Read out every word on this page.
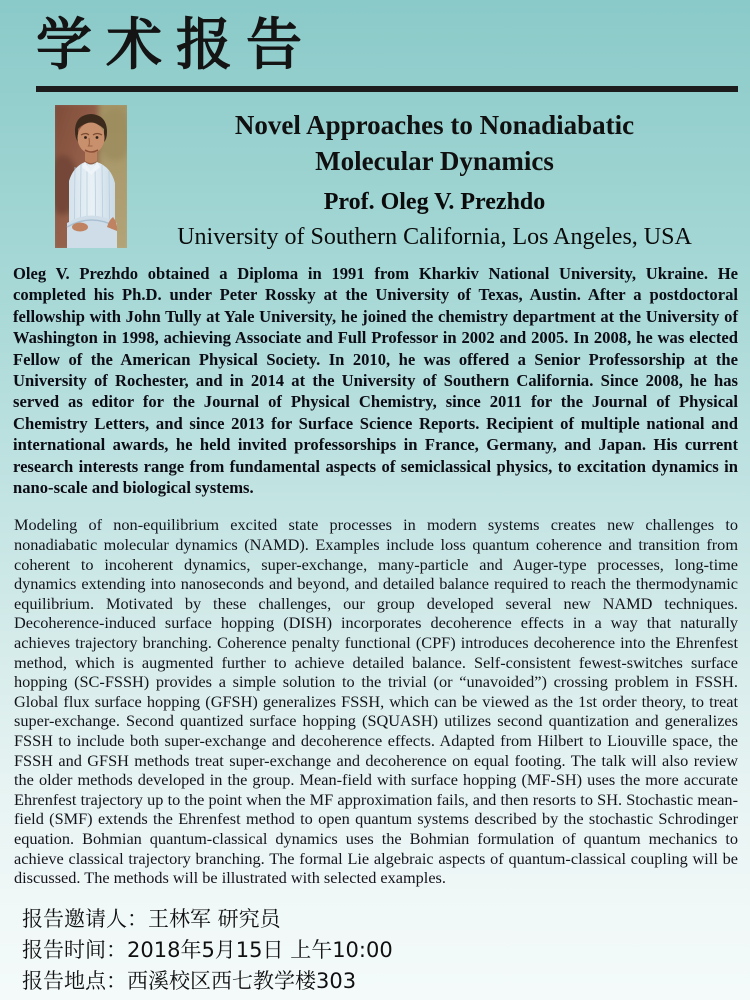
学术报告
Novel Approaches to Nonadiabatic
Molecular Dynamics
Prof. Oleg V. Prezhdo
University of Southern California, Los Angeles, USA
Oleg V. Prezhdo obtained a Diploma in 1991 from Kharkiv National University, Ukraine. He completed his Ph.D. under Peter Rossky at the University of Texas, Austin. After a postdoctoral fellowship with John Tully at Yale University, he joined the chemistry department at the University of Washington in 1998, achieving Associate and Full Professor in 2002 and 2005. In 2008, he was elected Fellow of the American Physical Society. In 2010, he was offered a Senior Professorship at the University of Rochester, and in 2014 at the University of Southern California. Since 2008, he has served as editor for the Journal of Physical Chemistry, since 2011 for the Journal of Physical Chemistry Letters, and since 2013 for Surface Science Reports. Recipient of multiple national and international awards, he held invited professorships in France, Germany, and Japan. His current research interests range from fundamental aspects of semiclassical physics, to excitation dynamics in nano-scale and biological systems.
Modeling of non-equilibrium excited state processes in modern systems creates new challenges to nonadiabatic molecular dynamics (NAMD). Examples include loss quantum coherence and transition from coherent to incoherent dynamics, super-exchange, many-particle and Auger-type processes, long-time dynamics extending into nanoseconds and beyond, and detailed balance required to reach the thermodynamic equilibrium. Motivated by these challenges, our group developed several new NAMD techniques. Decoherence-induced surface hopping (DISH) incorporates decoherence effects in a way that naturally achieves trajectory branching. Coherence penalty functional (CPF) introduces decoherence into the Ehrenfest method, which is augmented further to achieve detailed balance. Self-consistent fewest-switches surface hopping (SC-FSSH) provides a simple solution to the trivial (or “unavoided”) crossing problem in FSSH. Global flux surface hopping (GFSH) generalizes FSSH, which can be viewed as the 1st order theory, to treat super-exchange. Second quantized surface hopping (SQUASH) utilizes second quantization and generalizes FSSH to include both super-exchange and decoherence effects. Adapted from Hilbert to Liouville space, the FSSH and GFSH methods treat super-exchange and decoherence on equal footing. The talk will also review the older methods developed in the group. Mean-field with surface hopping (MF-SH) uses the more accurate Ehrenfest trajectory up to the point when the MF approximation fails, and then resorts to SH. Stochastic mean-field (SMF) extends the Ehrenfest method to open quantum systems described by the stochastic Schrodinger equation. Bohmian quantum-classical dynamics uses the Bohmian formulation of quantum mechanics to achieve classical trajectory branching. The formal Lie algebraic aspects of quantum-classical coupling will be discussed. The methods will be illustrated with selected examples.
报告邀请人：王林军 研究员
报告时间：2018年5月15日 上午10:00
报告地点：西溪校区西七教学楼303
